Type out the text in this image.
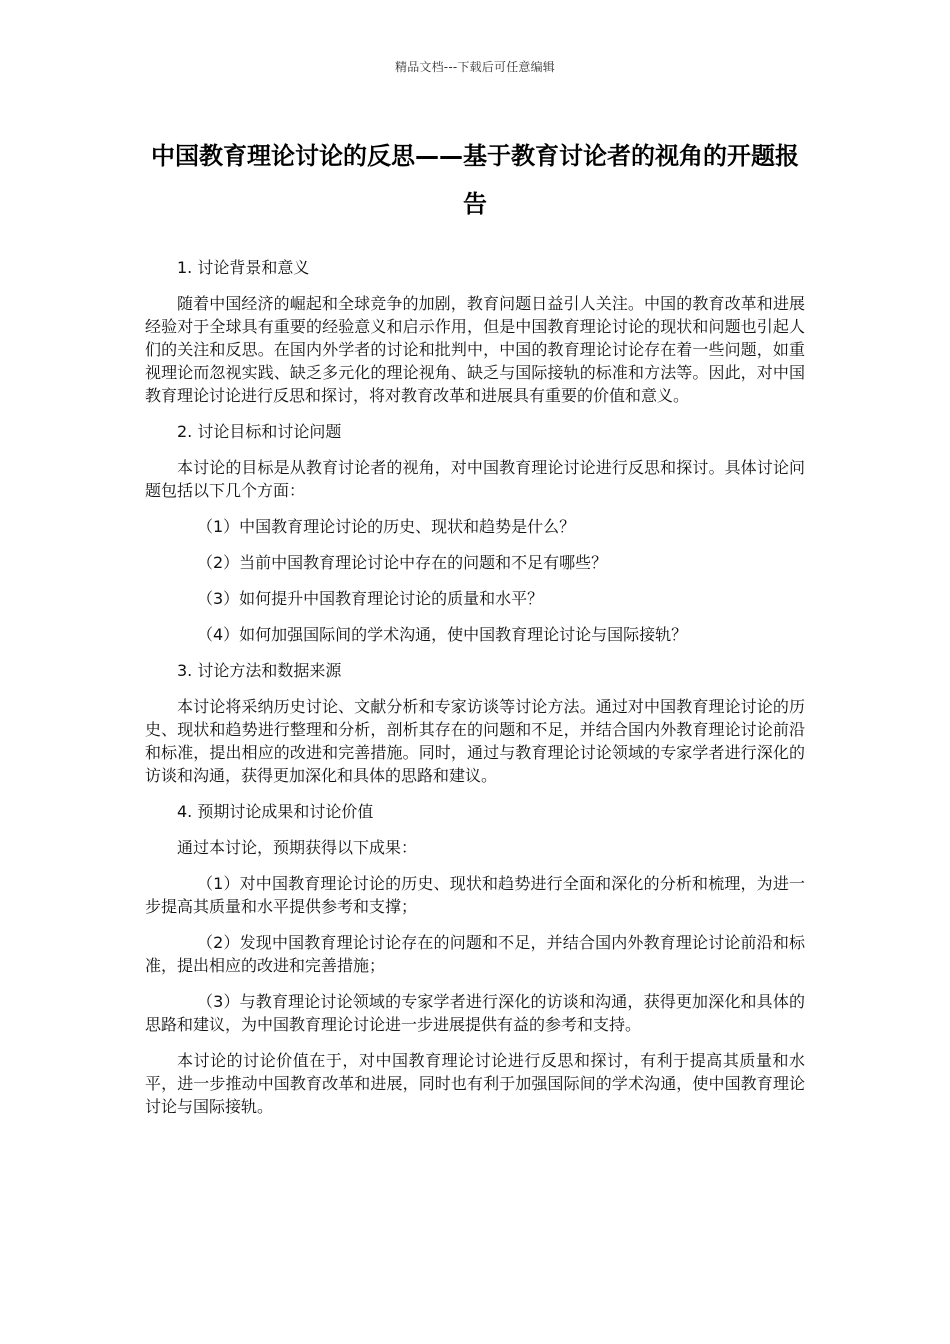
精品文档---下载后可任意编辑
中国教育理论讨论的反思——基于教育讨论者的视角的开题报告

1. 讨论背景和意义

随着中国经济的崛起和全球竞争的加剧，教育问题日益引人关注。中国的教育改革和进展经验对于全球具有重要的经验意义和启示作用，但是中国教育理论讨论的现状和问题也引起人们的关注和反思。在国内外学者的讨论和批判中，中国的教育理论讨论存在着一些问题，如重视理论而忽视实践、缺乏多元化的理论视角、缺乏与国际接轨的标准和方法等。因此，对中国教育理论讨论进行反思和探讨，将对教育改革和进展具有重要的价值和意义。

2. 讨论目标和讨论问题

本讨论的目标是从教育讨论者的视角，对中国教育理论讨论进行反思和探讨。具体讨论问题包括以下几个方面：

（1）中国教育理论讨论的历史、现状和趋势是什么？

（2）当前中国教育理论讨论中存在的问题和不足有哪些？

（3）如何提升中国教育理论讨论的质量和水平？

（4）如何加强国际间的学术沟通，使中国教育理论讨论与国际接轨？

3. 讨论方法和数据来源

本讨论将采纳历史讨论、文献分析和专家访谈等讨论方法。通过对中国教育理论讨论的历史、现状和趋势进行整理和分析，剖析其存在的问题和不足，并结合国内外教育理论讨论前沿和标准，提出相应的改进和完善措施。同时，通过与教育理论讨论领域的专家学者进行深化的访谈和沟通，获得更加深化和具体的思路和建议。

4. 预期讨论成果和讨论价值

通过本讨论，预期获得以下成果：

（1）对中国教育理论讨论的历史、现状和趋势进行全面和深化的分析和梳理，为进一步提高其质量和水平提供参考和支撑；

（2）发现中国教育理论讨论存在的问题和不足，并结合国内外教育理论讨论前沿和标准，提出相应的改进和完善措施；

（3）与教育理论讨论领域的专家学者进行深化的访谈和沟通，获得更加深化和具体的思路和建议，为中国教育理论讨论进一步进展提供有益的参考和支持。

本讨论的讨论价值在于，对中国教育理论讨论进行反思和探讨，有利于提高其质量和水平，进一步推动中国教育改革和进展，同时也有利于加强国际间的学术沟通，使中国教育理论讨论与国际接轨。
